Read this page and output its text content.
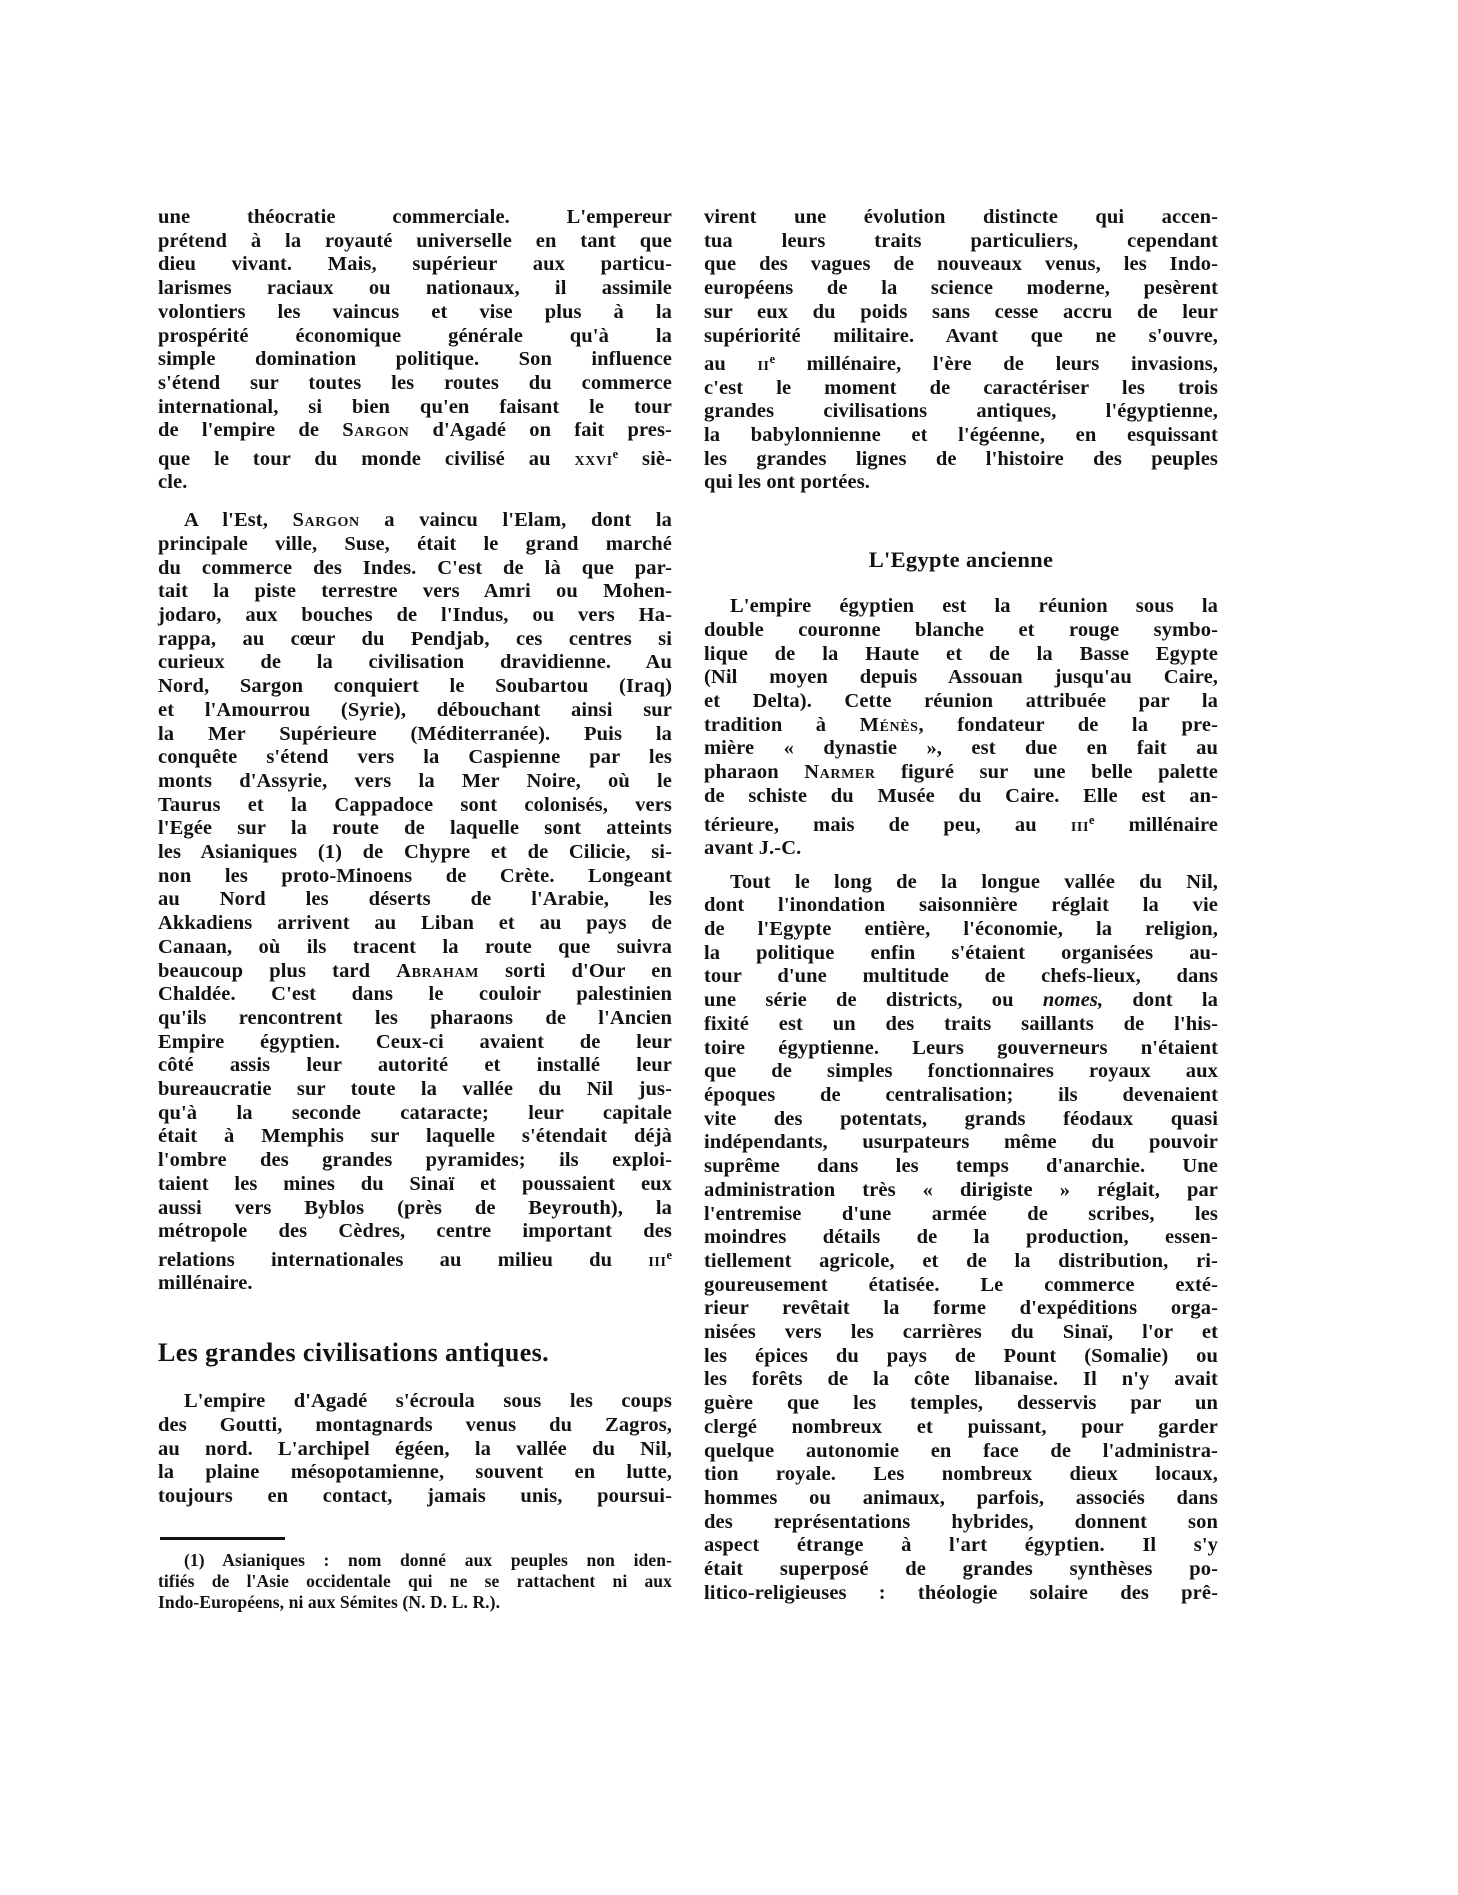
une théocratie commerciale. L'empereur
prétend à la royauté universelle en tant que
dieu vivant. Mais, supérieur aux particu-
larismes raciaux ou nationaux, il assimile
volontiers les vaincus et vise plus à la
prospérité économique générale qu'à la
simple domination politique. Son influence
s'étend sur toutes les routes du commerce
international, si bien qu'en faisant le tour
de l'empire de Sargon d'Agadé on fait pres-
que le tour du monde civilisé au xxvi$^e$ siè-
cle.
A l'Est, Sargon a vaincu l'Elam, dont la
principale ville, Suse, était le grand marché
du commerce des Indes. C'est de là que par-
tait la piste terrestre vers Amri ou Mohen-
jodaro, aux bouches de l'Indus, ou vers Ha-
rappa, au cœur du Pendjab, ces centres si
curieux de la civilisation dravidienne. Au
Nord, Sargon conquiert le Soubartou (Iraq)
et l'Amourrou (Syrie), débouchant ainsi sur
la Mer Supérieure (Méditerranée). Puis la
conquête s'étend vers la Caspienne par les
monts d'Assyrie, vers la Mer Noire, où le
Taurus et la Cappadoce sont colonisés, vers
l'Egée sur la route de laquelle sont atteints
les Asianiques (1) de Chypre et de Cilicie, si-
non les proto-Minoens de Crète. Longeant
au Nord les déserts de l'Arabie, les
Akkadiens arrivent au Liban et au pays de
Canaan, où ils tracent la route que suivra
beaucoup plus tard Abraham sorti d'Our en
Chaldée. C'est dans le couloir palestinien
qu'ils rencontrent les pharaons de l'Ancien
Empire égyptien. Ceux-ci avaient de leur
côté assis leur autorité et installé leur
bureaucratie sur toute la vallée du Nil jus-
qu'à la seconde cataracte; leur capitale
était à Memphis sur laquelle s'étendait déjà
l'ombre des grandes pyramides; ils exploi-
taient les mines du Sinaï et poussaient eux
aussi vers Byblos (près de Beyrouth), la
métropole des Cèdres, centre important des
relations internationales au milieu du iii$^e$
millénaire.
Les grandes civilisations antiques.
L'empire d'Agadé s'écroula sous les coups
des Goutti, montagnards venus du Zagros,
au nord. L'archipel égéen, la vallée du Nil,
la plaine mésopotamienne, souvent en lutte,
toujours en contact, jamais unis, poursui-
(1) Asianiques : nom donné aux peuples non iden-
tifiés de l'Asie occidentale qui ne se rattachent ni aux
Indo-Européens, ni aux Sémites (N. D. L. R.).
virent une évolution distincte qui accen-
tua leurs traits particuliers, cependant
que des vagues de nouveaux venus, les Indo-
européens de la science moderne, pesèrent
sur eux du poids sans cesse accru de leur
supériorité militaire. Avant que ne s'ouvre,
au $ii^e$ millénaire, l'ère de leurs invasions,
c'est le moment de caractériser les trois
grandes civilisations antiques, l'égyptienne,
la babylonnienne et l'égéenne, en esquissant
les grandes lignes de l'histoire des peuples
qui les ont portées.
L'Egypte ancienne
L'empire égyptien est la réunion sous la
double couronne blanche et rouge symbo-
lique de la Haute et de la Basse Egypte
(Nil moyen depuis Assouan jusqu'au Caire,
et Delta). Cette réunion attribuée par la
tradition à Ménès, fondateur de la pre-
mière « dynastie », est due en fait au
pharaon Narmer figuré sur une belle palette
de schiste du Musée du Caire. Elle est an-
térieure, mais de peu, au iii$^e$ millénaire
avant J.-C.
Tout le long de la longue vallée du Nil,
dont l'inondation saisonnière réglait la vie
de l'Egypte entière, l'économie, la religion,
la politique enfin s'étaient organisées au-
tour d'une multitude de chefs-lieux, dans
une série de districts, ou nomes, dont la
fixité est un des traits saillants de l'his-
toire égyptienne. Leurs gouverneurs n'étaient
que de simples fonctionnaires royaux aux
époques de centralisation; ils devenaient
vite des potentats, grands féodaux quasi
indépendants, usurpateurs même du pouvoir
suprême dans les temps d'anarchie. Une
administration très « dirigiste » réglait, par
l'entremise d'une armée de scribes, les
moindres détails de la production, essen-
tiellement agricole, et de la distribution, ri-
goureusement étatisée. Le commerce exté-
rieur revêtait la forme d'expéditions orga-
nisées vers les carrières du Sinaï, l'or et
les épices du pays de Pount (Somalie) ou
les forêts de la côte libanaise. Il n'y avait
guère que les temples, desservis par un
clergé nombreux et puissant, pour garder
quelque autonomie en face de l'administra-
tion royale. Les nombreux dieux locaux,
hommes ou animaux, parfois, associés dans
des représentations hybrides, donnent son
aspect étrange à l'art égyptien. Il s'y
était superposé de grandes synthèses po-
litico-religieuses : théologie solaire des prê-
